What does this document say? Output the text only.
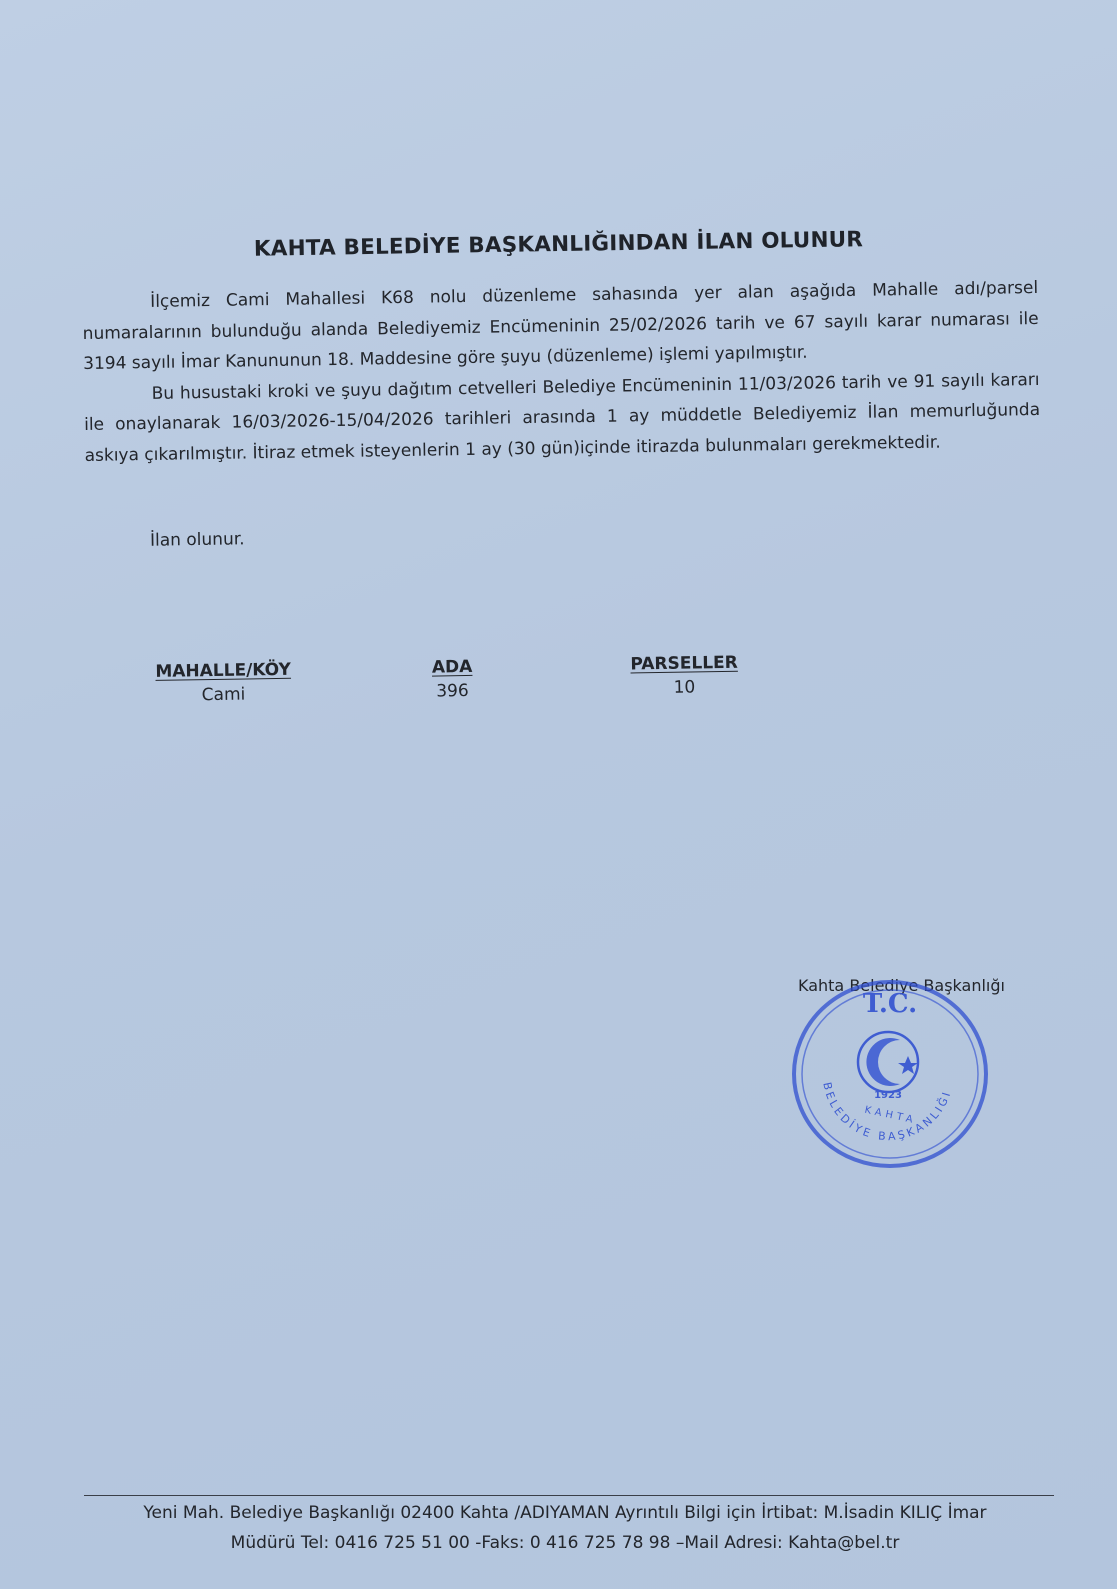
KAHTA BELEDİYE BAŞKANLIĞINDAN İLAN OLUNUR

İlçemiz Cami Mahallesi K68 nolu düzenleme sahasında yer alan aşağıda Mahalle adı/parsel numaralarının bulunduğu alanda Belediyemiz Encümeninin 25/02/2026 tarih ve 67 sayılı karar numarası ile 3194 sayılı İmar Kanununun 18. Maddesine göre şuyu (düzenleme) işlemi yapılmıştır.

Bu husustaki kroki ve şuyu dağıtım cetvelleri Belediye Encümeninin 11/03/2026 tarih ve 91 sayılı kararı ile onaylanarak 16/03/2026-15/04/2026 tarihleri arasında 1 ay müddetle Belediyemiz İlan memurluğunda askıya çıkarılmıştır. İtiraz etmek isteyenlerin 1 ay (30 gün)içinde itirazda bulunmaları gerekmektedir.

İlan olunur.
MAHALLE/KÖY
Cami
ADA
396
PARSELLER
10
Kahta Belediye Başkanlığı
T.C.
BELEDİYE BAŞKANLIĞI
KAHTA
1923
Yeni Mah. Belediye Başkanlığı 02400 Kahta /ADIYAMAN Ayrıntılı Bilgi için İrtibat: M.İsadin KILIÇ İmar
Müdürü Tel: 0416 725 51 00 -Faks: 0 416 725 78 98 –Mail Adresi: Kahta@bel.tr
